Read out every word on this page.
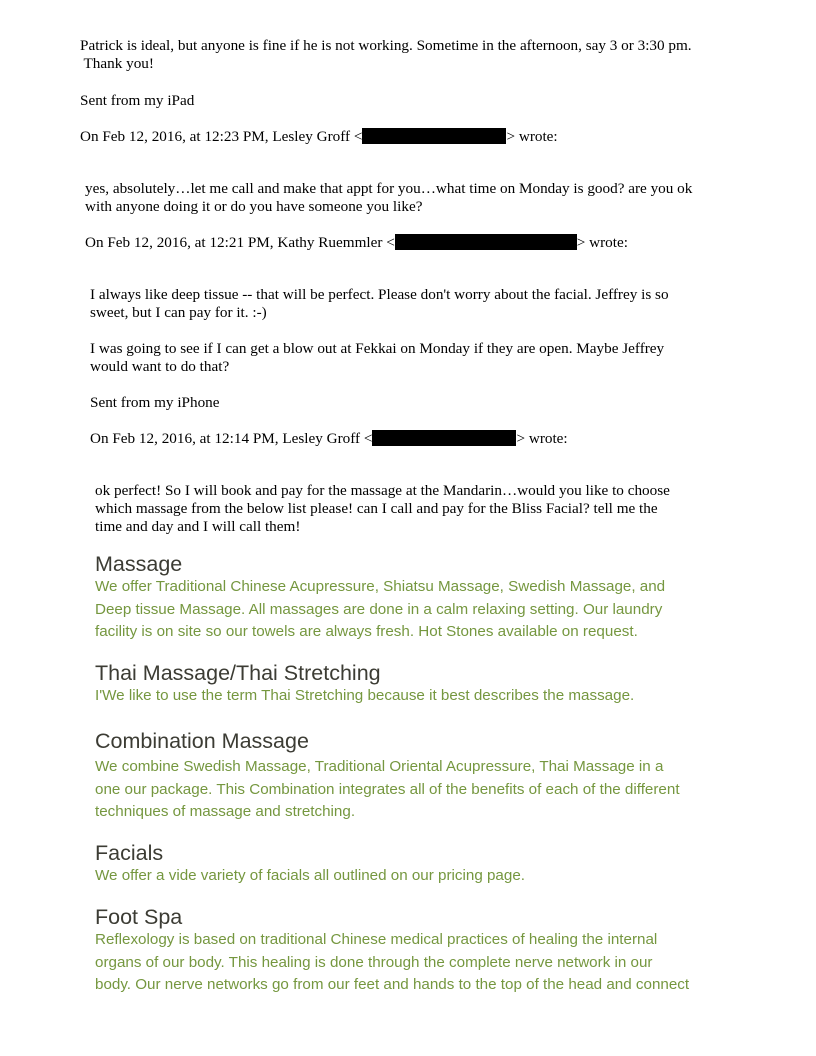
Patrick is ideal, but anyone is fine if he is not working. Sometime in the afternoon, say 3 or 3:30 pm.

Thank you!

Sent from my iPad

On Feb 12, 2016, at 12:23 PM, Lesley Groff <	> wrote:

yes, absolutely…let me call and make that appt for you…what time on Monday is good? are you ok

with anyone doing it or do you have someone you like?

On Feb 12, 2016, at 12:21 PM, Kathy Ruemmler <	> wrote:

I always like deep tissue -- that will be perfect. Please don't worry about the facial. Jeffrey is so

sweet, but I can pay for it. :-)

I was going to see if I can get a blow out at Fekkai on Monday if they are open. Maybe Jeffrey

would want to do that?

Sent from my iPhone

On Feb 12, 2016, at 12:14 PM, Lesley Groff <	> wrote:

ok perfect! So I will book and pay for the massage at the Mandarin…would you like to choose

which massage from the below list please! can I call and pay for the Bliss Facial? tell me the

time and day and I will call them!

Massage
We offer Traditional Chinese Acupressure, Shiatsu Massage, Swedish Massage, and
Deep tissue Massage. All massages are done in a calm relaxing setting. Our laundry
facility is on site so our towels are always fresh. Hot Stones available on request.
Thai Massage/Thai Stretching
I'We like to use the term Thai Stretching because it best describes the massage.
Combination Massage
We combine Swedish Massage, Traditional Oriental Acupressure, Thai Massage in a
one our package. This Combination integrates all of the benefits of each of the different
techniques of massage and stretching.
Facials
We offer a vide variety of facials all outlined on our pricing page.
Foot Spa
Reflexology is based on traditional Chinese medical practices of healing the internal
organs of our body. This healing is done through the complete nerve network in our
body. Our nerve networks go from our feet and hands to the top of the head and connect
